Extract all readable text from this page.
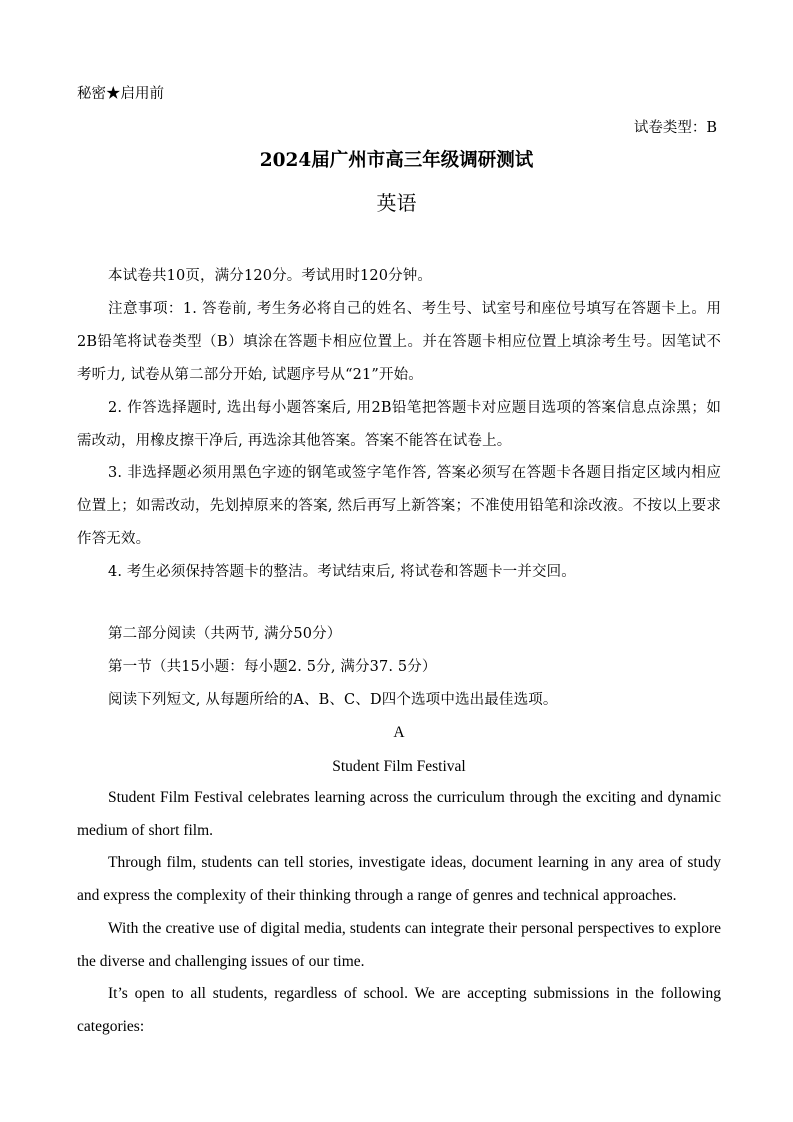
秘密★启用前
试卷类型：B
2024届广州市高三年级调研测试
英语
本试卷共10页，满分120分。考试用时120分钟。
注意事项：1. 答卷前, 考生务必将自己的姓名、考生号、试室号和座位号填写在答题卡上。用2B铅笔将试卷类型（B）填涂在答题卡相应位置上。并在答题卡相应位置上填涂考生号。因笔试不考听力, 试卷从第二部分开始, 试题序号从“21”开始。
2. 作答选择题时, 选出每小题答案后, 用2B铅笔把答题卡对应题目选项的答案信息点涂黑；如需改动，用橡皮擦干净后, 再选涂其他答案。答案不能答在试卷上。
3. 非选择题必须用黑色字迹的钢笔或签字笔作答, 答案必须写在答题卡各题目指定区域内相应位置上；如需改动，先划掉原来的答案, 然后再写上新答案；不准使用铅笔和涂改液。不按以上要求作答无效。
4. 考生必须保持答题卡的整洁。考试结束后, 将试卷和答题卡一并交回。
第二部分阅读（共两节, 满分50分）
第一节（共15小题：每小题2. 5分, 满分37. 5分）
阅读下列短文, 从每题所给的A、B、C、D四个选项中选出最佳选项。
A
Student Film Festival
Student Film Festival celebrates learning across the curriculum through the exciting and dynamic medium of short film.
Through film, students can tell stories, investigate ideas, document learning in any area of study and express the complexity of their thinking through a range of genres and technical approaches.
With the creative use of digital media, students can integrate their personal perspectives to explore the diverse and challenging issues of our time.
It’s open to all students, regardless of school. We are accepting submissions in the following categories:
